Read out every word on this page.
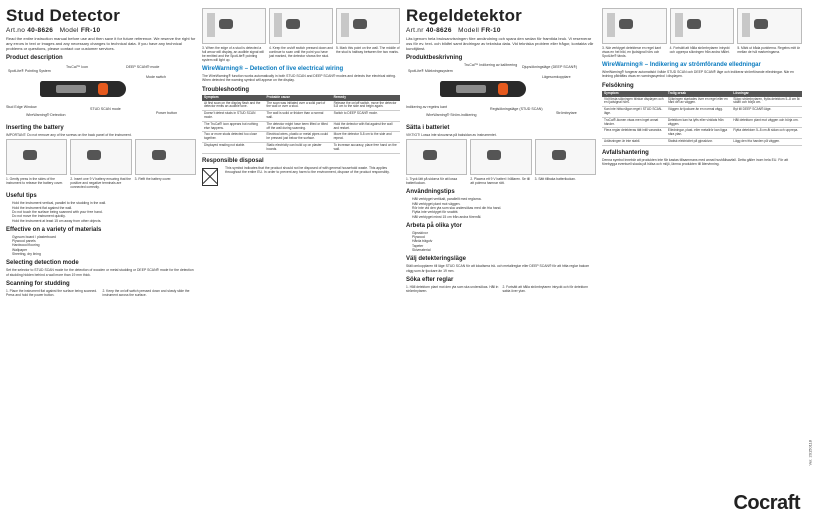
Stud Detector
Art.no 40-8626 Model FR-10

Read the entire instruction manual before use and then save it for future reference. We reserve the right for any errors in text or images and any necessary changes to technical data. If you have any technical problems or questions, please contact our customer services.

Product description
SpotLite® Pointing System
TruCal™ Icon	DEEP SCAN® mode
Mode switch
Stud Edge Window
WireWarning® Detection
STUD SCAN mode
Power button
Inserting the battery

IMPORTANT: Do not remove any of the screws on the back panel of the instrument.

1. Gently press in the sides of the instrument to release the battery cover.
2. Insert one 9 V battery ensuring that the positive and negative terminals are connected correctly.
3. Refit the battery cover.
Useful tips

Hold the instrument vertical, parallel to the studding in the wall.

Hold the instrument flat against the wall.

Do not touch the surface being scanned with your free hand.

Do not move the instrument quickly.

Hold the instrument at least 15 cm away from other objects.

Effective on a variety of materials

Gypsum board / plasterboard

Plywood panels

Hardwood flooring

Wallpaper

Sheeting, dry lining

Selecting detection mode

Set the selector to STUD SCAN mode for the detection of wooden or metal studding or DEEP SCAN® mode for the detection of studding hidden behind a wall more than 19 mm thick.

Scanning for studding
1. Place the instrument flat against the surface being scanned. Press and hold the power button.
2. Keep the on/off switch pressed down and slowly slide the instrument across the surface.
3. When the edge of a stud is detected a full arrow will display, an audible signal will be emitted and the SpotLite® pointing system will light up.
4. Keep the on/off switch pressed down and continue to scan until the point you have just marked, the detector shows the stud.
5. Mark this point on the wall. The middle of the stud is halfway between the two marks.
WireWarning® – Detection of live electrical wiring

The WireWarning® function works automatically in both STUD SCAN and DEEP SCAN® modes and detects live electrical wiring. When detected the warning symbol will appear on the display.

Troubleshooting
Symptom	Probable cause	Remedy
At first scan on the display flash and the detector emits an audible tone.	The scan was initiated over a solid part of the wall or over a stud.	Release the on/off switch, move the detector 5-8 cm to the side and begin again.
Doesn't detect studs in STUD SCAN mode.	The wall is solid or thicker than a normal wall.	Switch to DEEP SCAN® mode.
The TruCal® icon appears but nothing else happens.	The detector might have been lifted or tilted off the wall during scanning.	Hold the detector with flat against the wall and restart.
Two or more studs detected too close together.	Electrical wires, plastic or metal pipes could be pressed just below the surface.	Move the detector 5-8 cm to the side and repeat.
Displayed reading not stable.	Static electricity can build up on plaster boards.	To increase accuracy, place free hand on the wall.
Responsible disposal

This symbol indicates that the product should not be disposed of with general household waste. This applies throughout the entire EU. In order to prevent any harm to the environment, dispose of the product responsibly.

Regeldetektor
Art.nr 40-8626 Modell FR-10

Läs igenom hela bruksanvisningen före användning och spara den sedan för framtida bruk. Vi reserverar oss för ev. text- och bildfel samt ändringar av tekniska data. Vid tekniska problem eller frågor, kontakta vår kundtjänst.

Produktbeskrivning
SpotLite® Märkningssystem
TruCal™ Indikering av kalibrering Djupsökningsläge (DEEP SCAN®)
Lägesomkopplare
Indikering av regelns kant
WireWarning® Ström-indikering
Reglsökningsläge (STUD SCAN)
Strömbrytare
Sätta i batteriet

VIKTIGT! Lossa inte skruvarna på baksidan av instrumentet.

1. Tryck lätt på sidorna för att lossa batteriluckan.
2. Placera ett 9 V batteri i hållaren. Se till att polerna hamnar rätt.
3. Sätt tillbaka batteriluckan.
Användningstips

Håll verktyget vertikalt, parallellt med reglarna.

Håll verktyget plant mot väggen.

Rör inte vid den yta som ska undersökas med din fria hand.

Flytta inte verktyget för snabbt.

Håll verktyget minst 15 cm från andra föremål.

Arbeta på olika ytor

Gipsskivor

Plywood

Hårda trägolv

Tapeter

Skivmaterial

Välj detekteringsläge

Ställ omkopplaren till läge STUD SCAN för att lokalisera trä- och metallreglar eller DEEP SCAN® för att hitta reglar bakom vägg som är tjockare än 19 mm.

Söka efter reglar
1. Håll detektorn plant mot den yta som ska undersökas. Håll in strömbrytaren.
2. Fortsätt att hålla strömbrytaren intryckt och för detektorn sakta över ytan.
3. När verktyget detekterar en regel kant visas en hel bild, en ljudsignal hörs och SpotLite® tänds.
4. Fortsätt att hålla strömbrytaren intryckt och upprepa sökningen från andra hållet.
5. Märk ut båda punkterna. Regelns mitt är mellan de två markeringarna.
WireWarning® – Indikering av strömförande elledningar

WireWarning® fungerar automatiskt i både STUD SCAN och DEEP SCAN® läge och indikerar strömförande elledningar. När en ledning påträffas visas en varningssymbol i displayen.

Felsökning
Symptom	Trolig orsak	Lösningar
Vid första sökningen blinkar displayen och en ljudsignal hörs.	Sökningen startades över en regel eller en hård del av väggen.	Släpp strömbrytaren, flytta detektorn 5–8 cm åt sidan och börja om.
Kan inte hitta någon regel i STUD SCAN-läge.	Väggen är tjockare än en normal vägg.	Byt till DEEP SCAN®-läge.
TruCal®-ikonen visas men inget annat händer.	Detektorn kan ha lyfts eller vinklats från väggen.	Håll detektorn plant mot väggen och börja om.
Flera reglar detekteras tätt intill varandra.	Elledningar, plast- eller metallrör kan ligga nära ytan.	Flytta detektorn 5–8 cm åt sidan och upprepa.
Avläsningen är inte stabil.	Statisk elektricitet på gipsskivor.	Lägg den fria handen på väggen.
Avfallshantering

Denna symbol innebär att produkten inte får kastas tillsammans med annat hushållsavfall. Detta gäller inom hela EU. För att förebygga eventuell skada på hälsa och miljö, lämna produkten till återvinning.

Cocraft
Ver. 20150118
